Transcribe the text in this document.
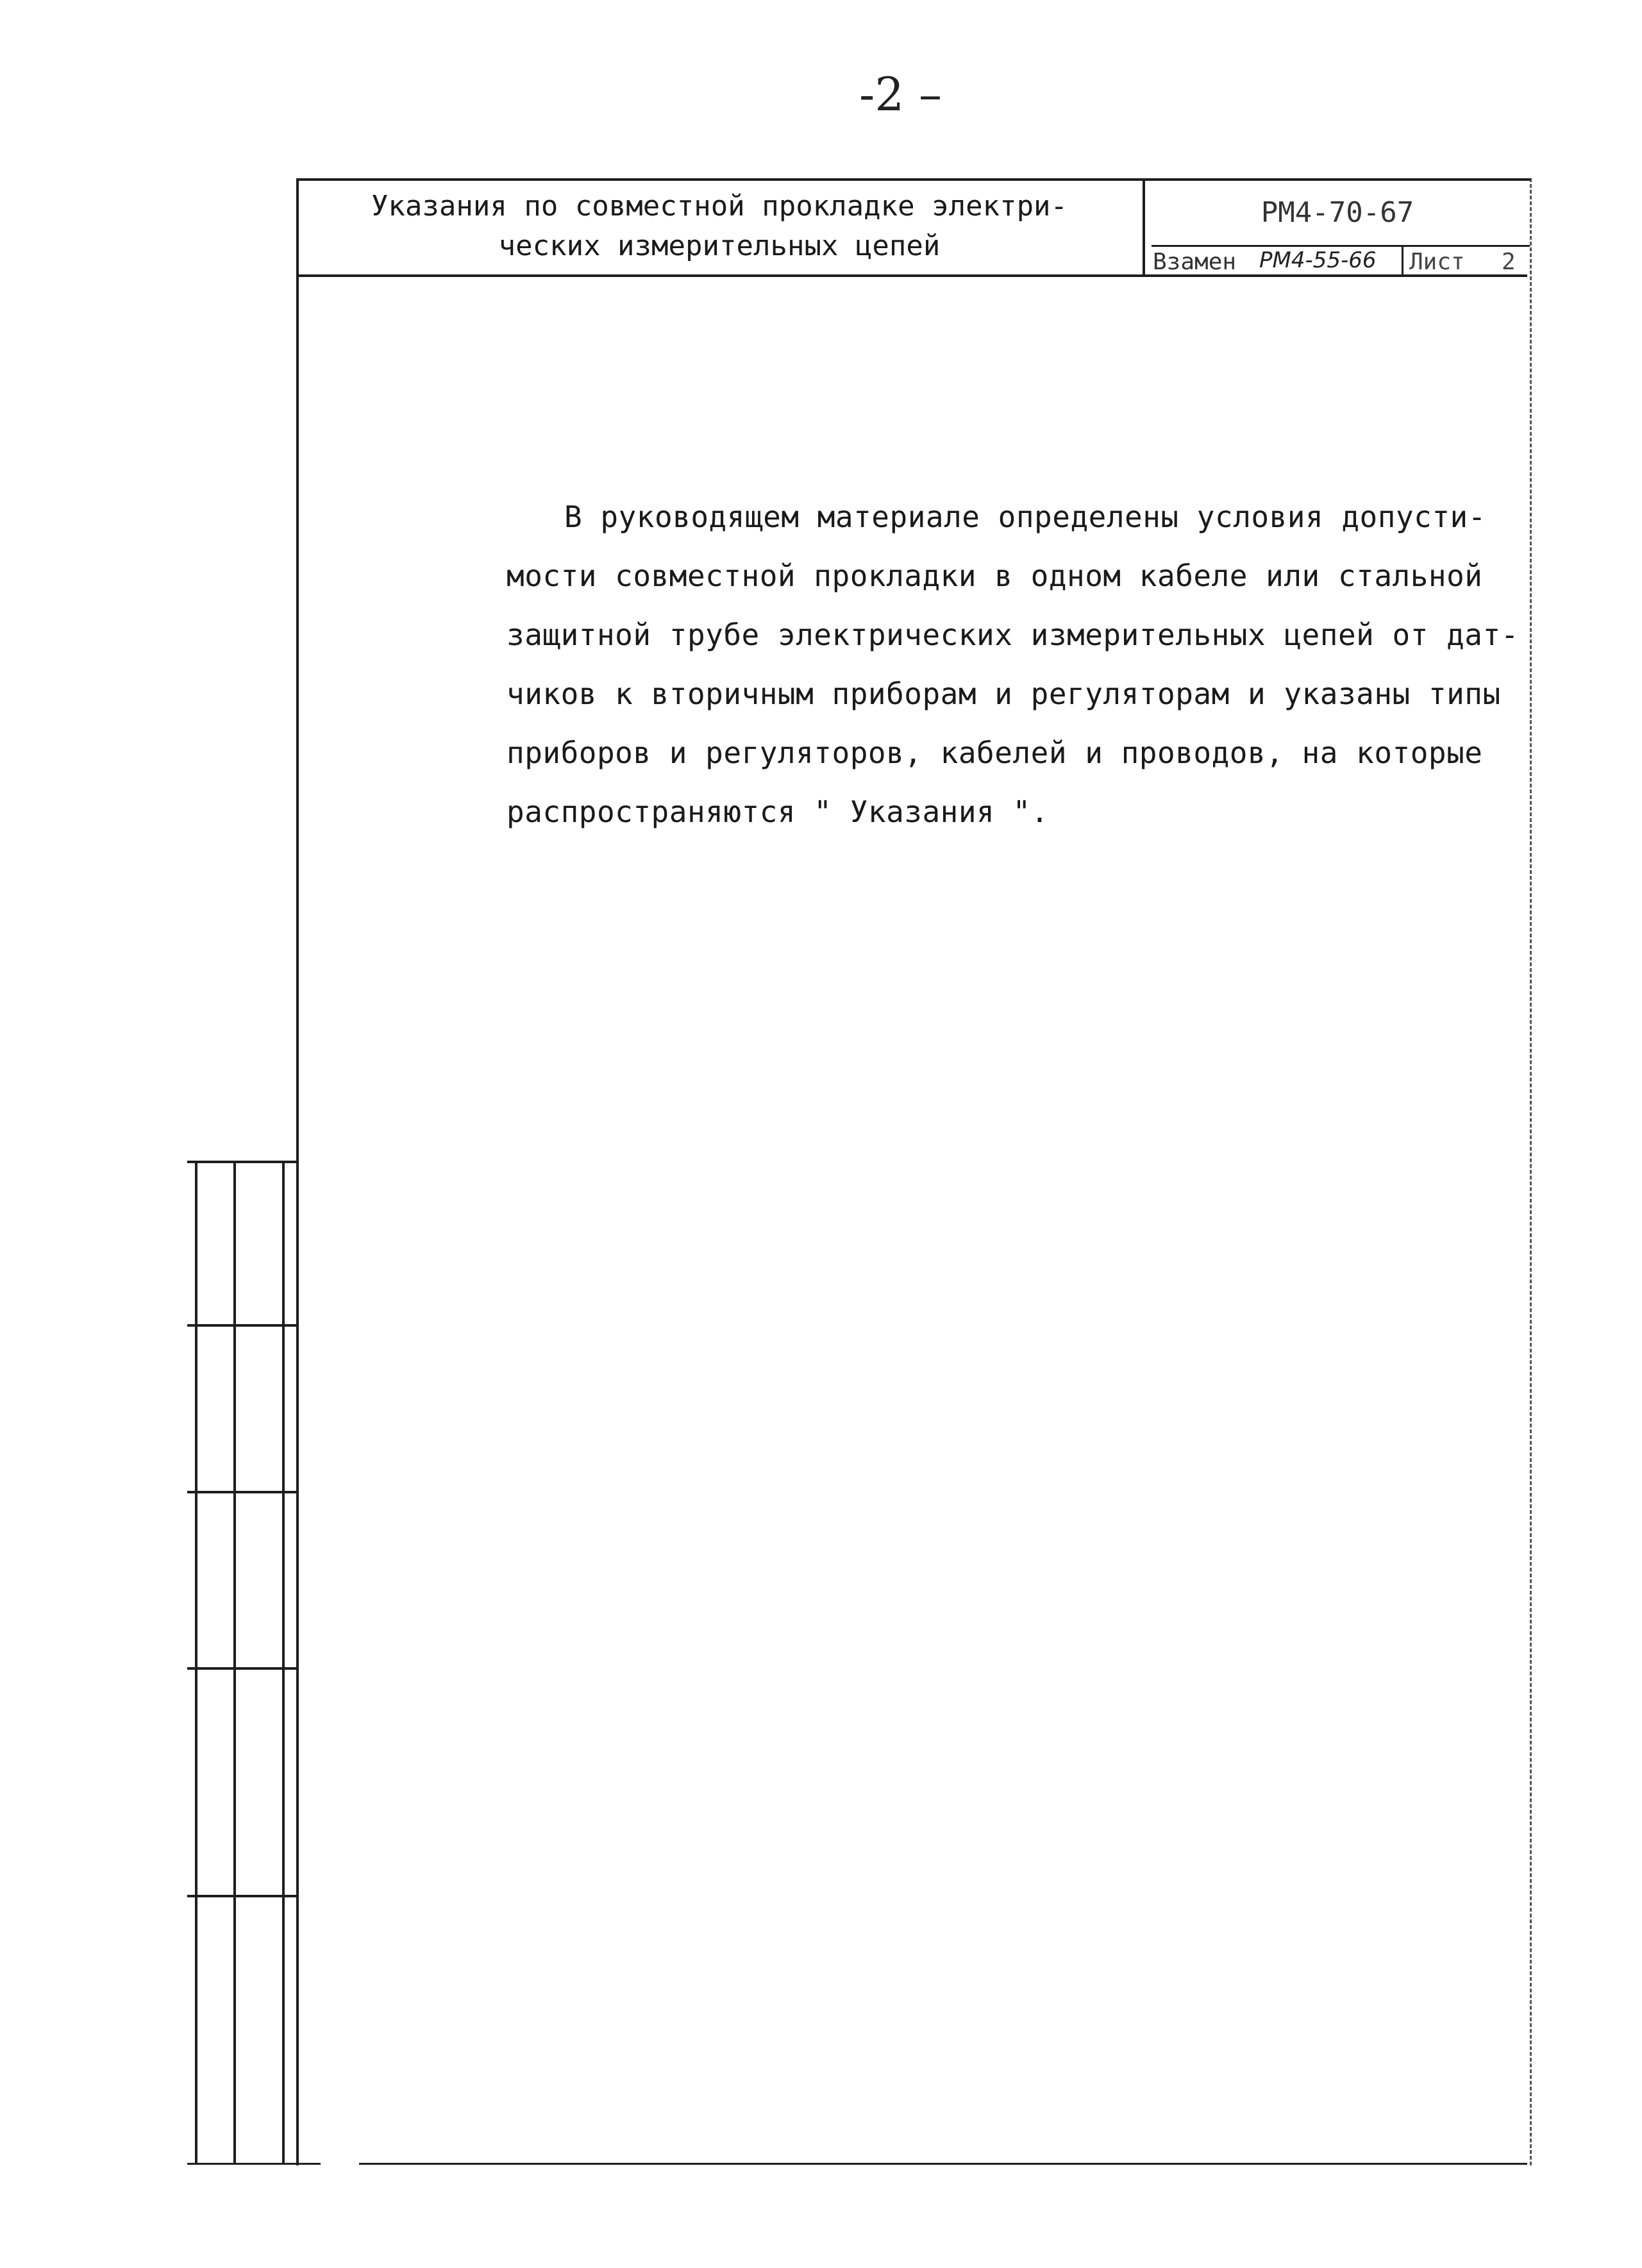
-2 –
Указания по совместной прокладке электри-
ческих измерительных цепей
РМ4-70-67
Взамен РМ4-55-66 Лист 2
В руководящем материале определены условия допусти-
мости совместной прокладки в одном кабеле или стальной
защитной трубе электрических измерительных цепей от дат-
чиков к вторичным приборам и регуляторам и указаны типы
приборов и регуляторов, кабелей и проводов, на которые
распространяются " Указания ".
